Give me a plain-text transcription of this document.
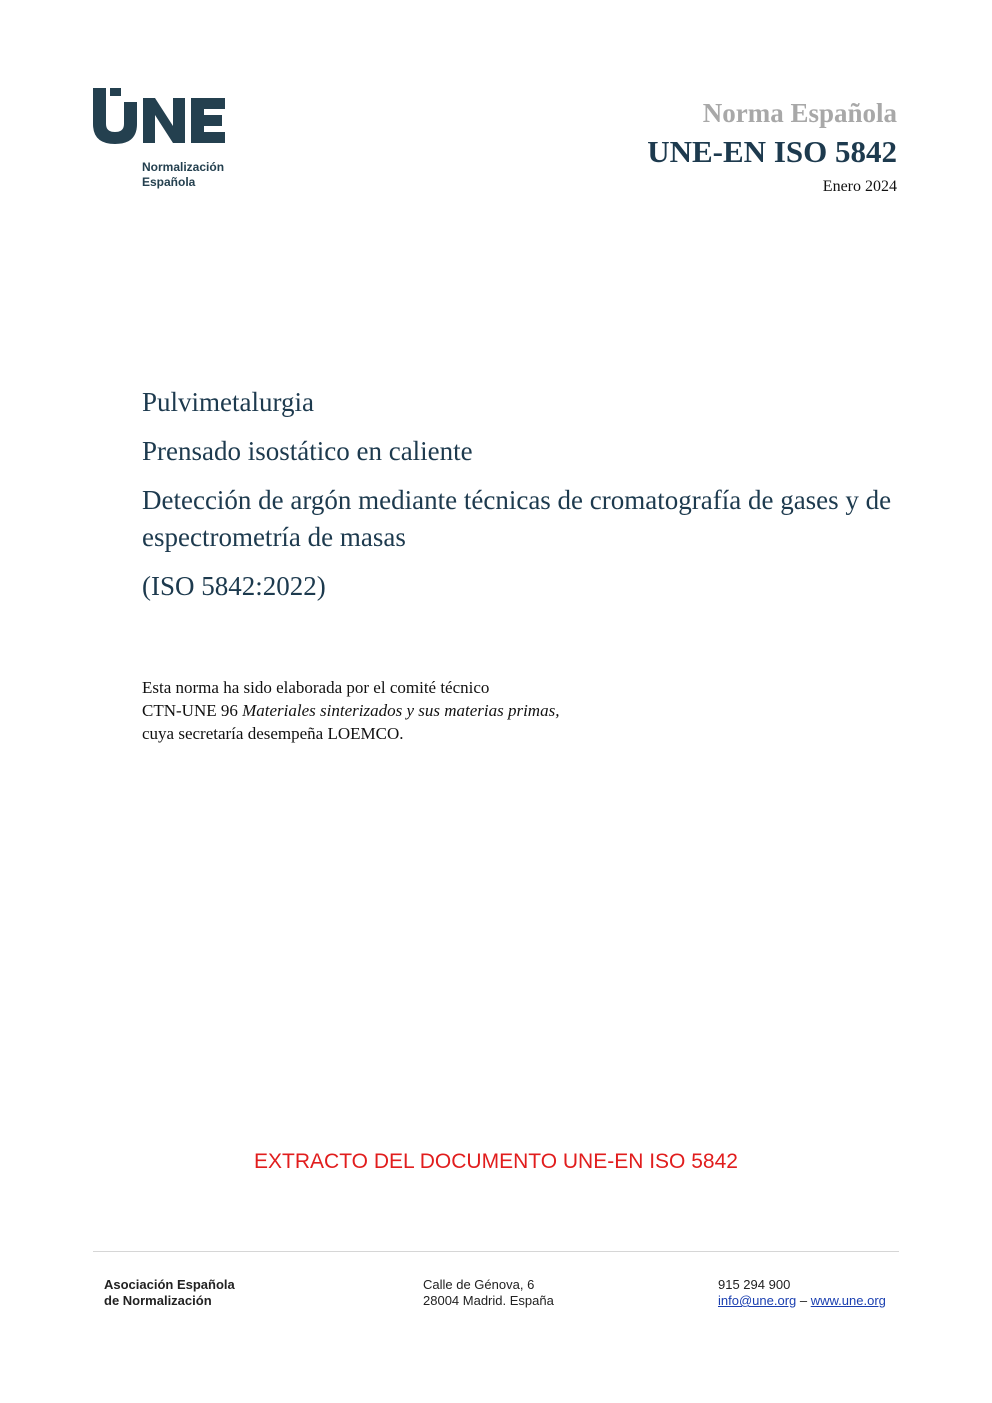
Normalización
Española
Norma Española
UNE-EN ISO 5842
Enero 2024

Pulvimetalurgia

Prensado isostático en caliente

Detección de argón mediante técnicas de cromatografía de gases y de espectrometría de masas

(ISO 5842:2022)

Esta norma ha sido elaborada por el comité técnico
CTN-UNE 96 Materiales sinterizados y sus materias primas,
cuya secretaría desempeña LOEMCO.
EXTRACTO DEL DOCUMENTO UNE-EN ISO 5842
Asociación Española
de Normalización
Calle de Génova, 6
28004 Madrid. España
915 294 900
info@une.org – www.une.org
